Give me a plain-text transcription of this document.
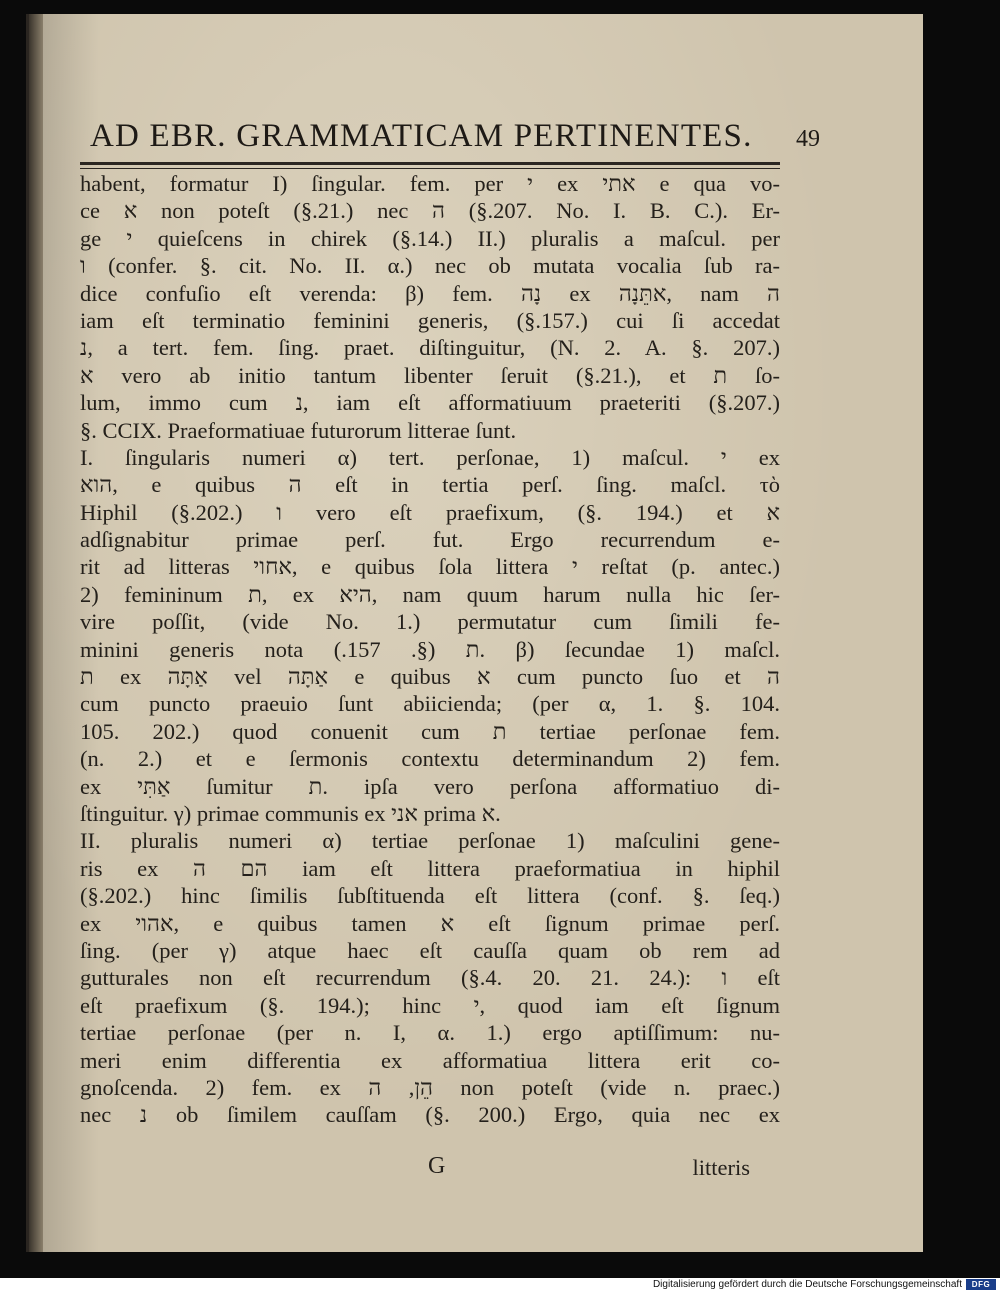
AD EBR. GRAMMATICAM PERTINENTES. 49
habent, formatur I) ſingular. fem. per י ex אתי e qua vo-
ce א non poteſt (§.21.) nec ה (§.207. No. I. B. C.). Er-
ge י quieſcens in chirek (§.14.) II.) pluralis a maſcul. per
ו (confer. §. cit. No. II. α.) nec ob mutata vocalia ſub ra-
dice confuſio eſt verenda: β) fem. נָה ex אתֵּנָה, nam ה
iam eſt terminatio feminini generis, (§.157.) cui ſi accedat
נ, a tert. fem. ſing. praet. diſtinguitur, (N. 2. A. §. 207.)
א vero ab initio tantum libenter ſeruit (§.21.), et ת ſo-
lum, immo cum נ, iam eſt afformatiuum praeteriti (§.207.)
§. CCIX. Praeformatiuae futurorum litterae ſunt.
I. ſingularis numeri α) tert. perſonae, 1) maſcul. י ex
הוא, e quibus ה eſt in tertia perſ. ſing. maſcl. τὸ
Hiphil (§.202.) ו vero eſt praefixum, (§. 194.) et א
adſignabitur primae perſ. fut. Ergo recurrendum e-
rit ad litteras אחוי, e quibus ſola littera י reſtat (p. antec.)
2) femininum ת, ex היא, nam quum harum nulla hic ſer-
vire poſſit, (vide No. 1.) permutatur cum ſimili fe-
minini generis nota ת (§. 157.). β) ſecundae 1) maſcl.
ת ex אַתָּה vel אַתָּה e quibus א cum puncto ſuo et ה
cum puncto praeuio ſunt abiicienda; (per α, 1. §. 104.
105. 202.) quod conuenit cum ת tertiae perſonae fem.
(n. 2.) et e ſermonis contextu determinandum 2) fem.
ex אַתִּי ſumitur ת. ipſa vero perſona afformatiuo di-
ſtinguitur. γ) primae communis ex אני prima א.
II. pluralis numeri α) tertiae perſonae 1) maſculini gene-
ris ex הם ה iam eſt littera praeformatiua in hiphil
(§.202.) hinc ſimilis ſubſtituenda eſt littera (conf. §. ſeq.)
ex אהוי, e quibus tamen א eſt ſignum primae perſ.
ſing. (per γ) atque haec eſt cauſſa quam ob rem ad
gutturales non eſt recurrendum (§.4. 20. 21. 24.): ו eſt
eſt praefixum (§. 194.); hinc י, quod iam eſt ſignum
tertiae perſonae (per n. I, α. 1.) ergo aptiſſimum: nu-
meri enim differentia ex afformatiua littera erit co-
gnoſcenda. 2) fem. ex הֵן, ה non poteſt (vide n. praec.)
nec נ ob ſimilem cauſſam (§. 200.) Ergo, quia nec ex
G	litteris
Digitalisierung gefördert durch die Deutsche Forschungsgemeinschaft	DFG
